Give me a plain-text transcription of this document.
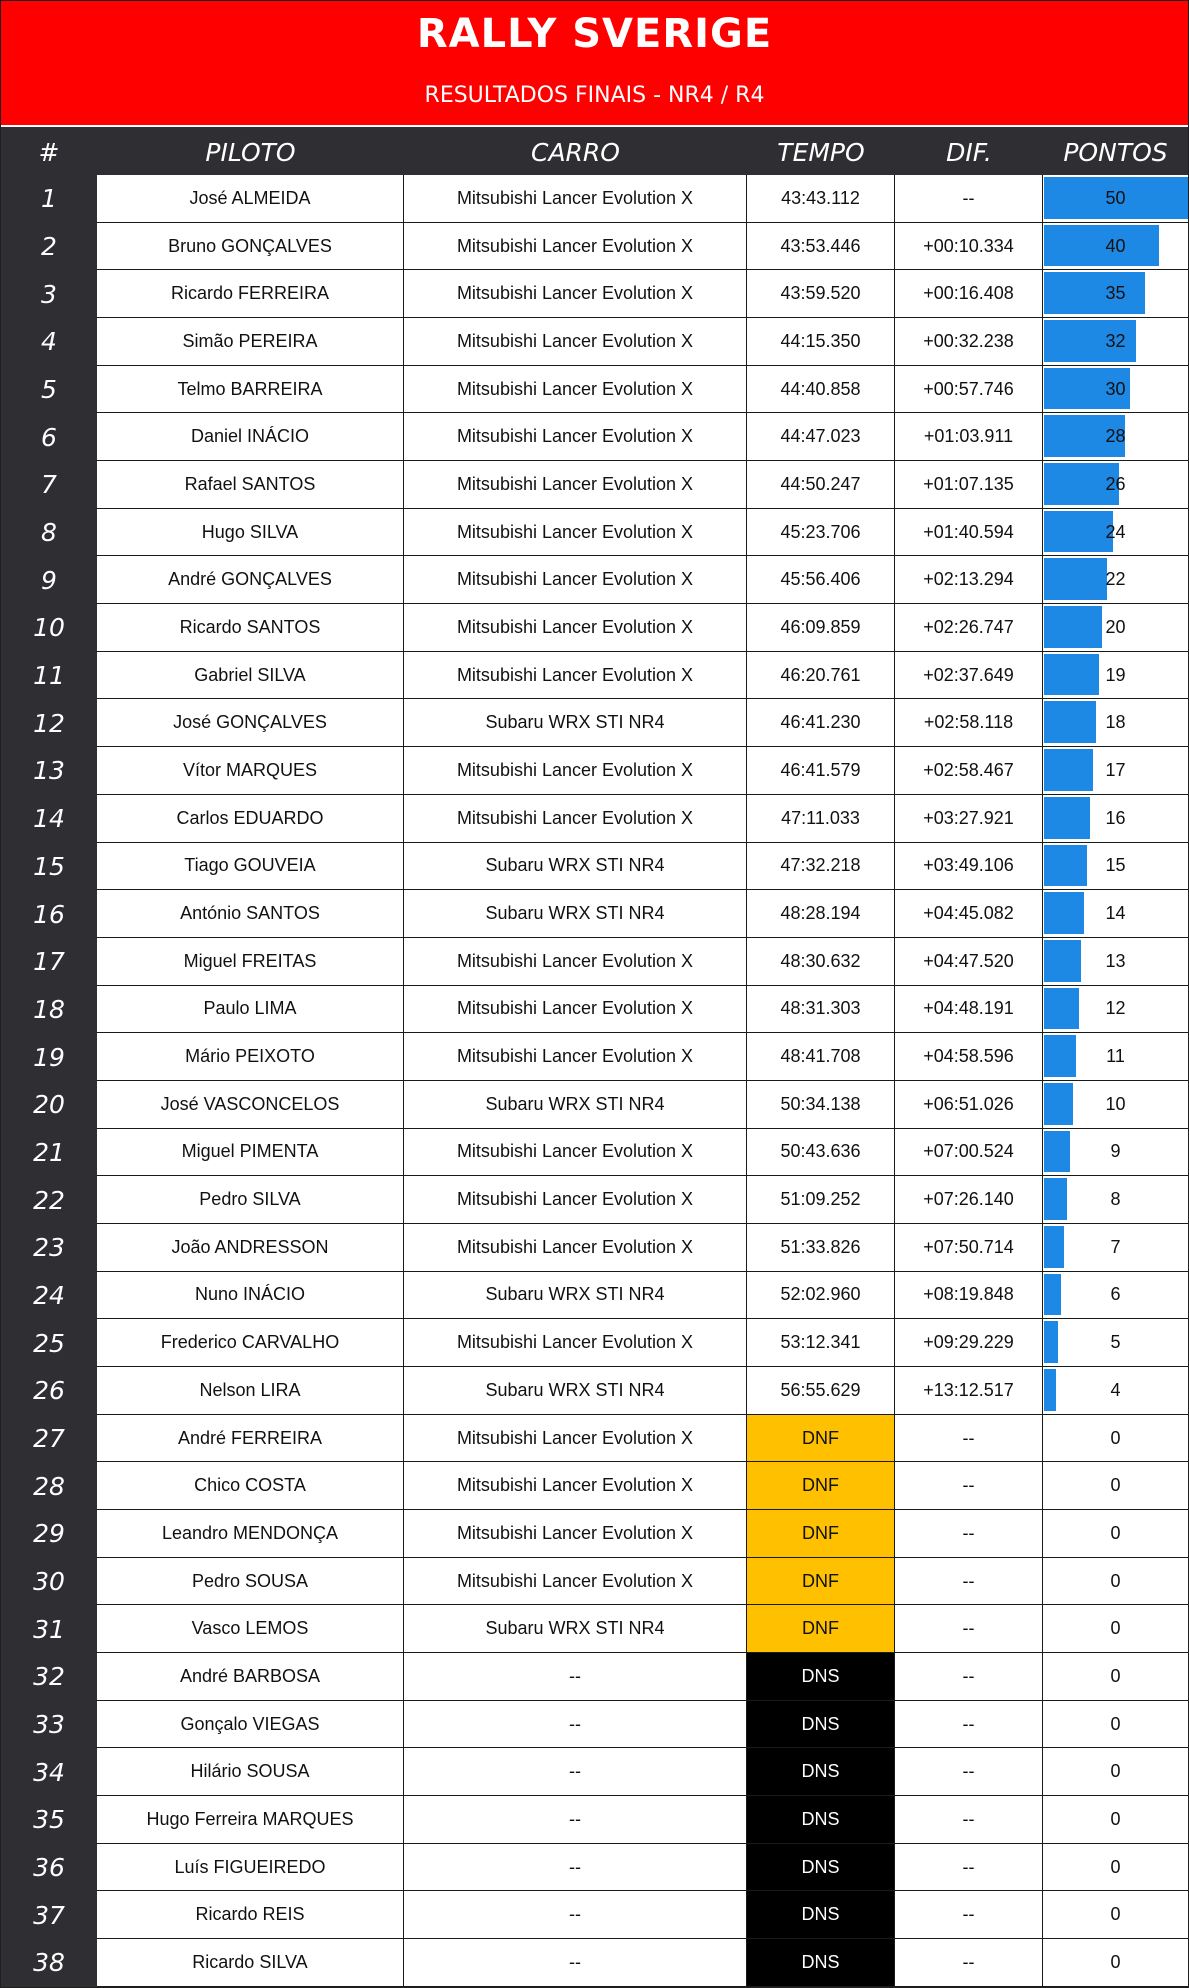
RALLY SVERIGE
RESULTADOS FINAIS - NR4 / R4
#	PILOTO	CARRO	TEMPO	DIF.	PONTOS
1	José ALMEIDA	Mitsubishi Lancer Evolution X	43:43.112	--	50
2	Bruno GONÇALVES	Mitsubishi Lancer Evolution X	43:53.446	+00:10.334	40
3	Ricardo FERREIRA	Mitsubishi Lancer Evolution X	43:59.520	+00:16.408	35
4	Simão PEREIRA	Mitsubishi Lancer Evolution X	44:15.350	+00:32.238	32
5	Telmo BARREIRA	Mitsubishi Lancer Evolution X	44:40.858	+00:57.746	30
6	Daniel INÁCIO	Mitsubishi Lancer Evolution X	44:47.023	+01:03.911	28
7	Rafael SANTOS	Mitsubishi Lancer Evolution X	44:50.247	+01:07.135	26
8	Hugo SILVA	Mitsubishi Lancer Evolution X	45:23.706	+01:40.594	24
9	André GONÇALVES	Mitsubishi Lancer Evolution X	45:56.406	+02:13.294	22
10	Ricardo SANTOS	Mitsubishi Lancer Evolution X	46:09.859	+02:26.747	20
11	Gabriel SILVA	Mitsubishi Lancer Evolution X	46:20.761	+02:37.649	19
12	José GONÇALVES	Subaru WRX STI NR4	46:41.230	+02:58.118	18
13	Vítor MARQUES	Mitsubishi Lancer Evolution X	46:41.579	+02:58.467	17
14	Carlos EDUARDO	Mitsubishi Lancer Evolution X	47:11.033	+03:27.921	16
15	Tiago GOUVEIA	Subaru WRX STI NR4	47:32.218	+03:49.106	15
16	António SANTOS	Subaru WRX STI NR4	48:28.194	+04:45.082	14
17	Miguel FREITAS	Mitsubishi Lancer Evolution X	48:30.632	+04:47.520	13
18	Paulo LIMA	Mitsubishi Lancer Evolution X	48:31.303	+04:48.191	12
19	Mário PEIXOTO	Mitsubishi Lancer Evolution X	48:41.708	+04:58.596	11
20	José VASCONCELOS	Subaru WRX STI NR4	50:34.138	+06:51.026	10
21	Miguel PIMENTA	Mitsubishi Lancer Evolution X	50:43.636	+07:00.524	9
22	Pedro SILVA	Mitsubishi Lancer Evolution X	51:09.252	+07:26.140	8
23	João ANDRESSON	Mitsubishi Lancer Evolution X	51:33.826	+07:50.714	7
24	Nuno INÁCIO	Subaru WRX STI NR4	52:02.960	+08:19.848	6
25	Frederico CARVALHO	Mitsubishi Lancer Evolution X	53:12.341	+09:29.229	5
26	Nelson LIRA	Subaru WRX STI NR4	56:55.629	+13:12.517	4
27	André FERREIRA	Mitsubishi Lancer Evolution X	DNF	--	0
28	Chico COSTA	Mitsubishi Lancer Evolution X	DNF	--	0
29	Leandro MENDONÇA	Mitsubishi Lancer Evolution X	DNF	--	0
30	Pedro SOUSA	Mitsubishi Lancer Evolution X	DNF	--	0
31	Vasco LEMOS	Subaru WRX STI NR4	DNF	--	0
32	André BARBOSA	--	DNS	--	0
33	Gonçalo VIEGAS	--	DNS	--	0
34	Hilário SOUSA	--	DNS	--	0
35	Hugo Ferreira MARQUES	--	DNS	--	0
36	Luís FIGUEIREDO	--	DNS	--	0
37	Ricardo REIS	--	DNS	--	0
38	Ricardo SILVA	--	DNS	--	0
